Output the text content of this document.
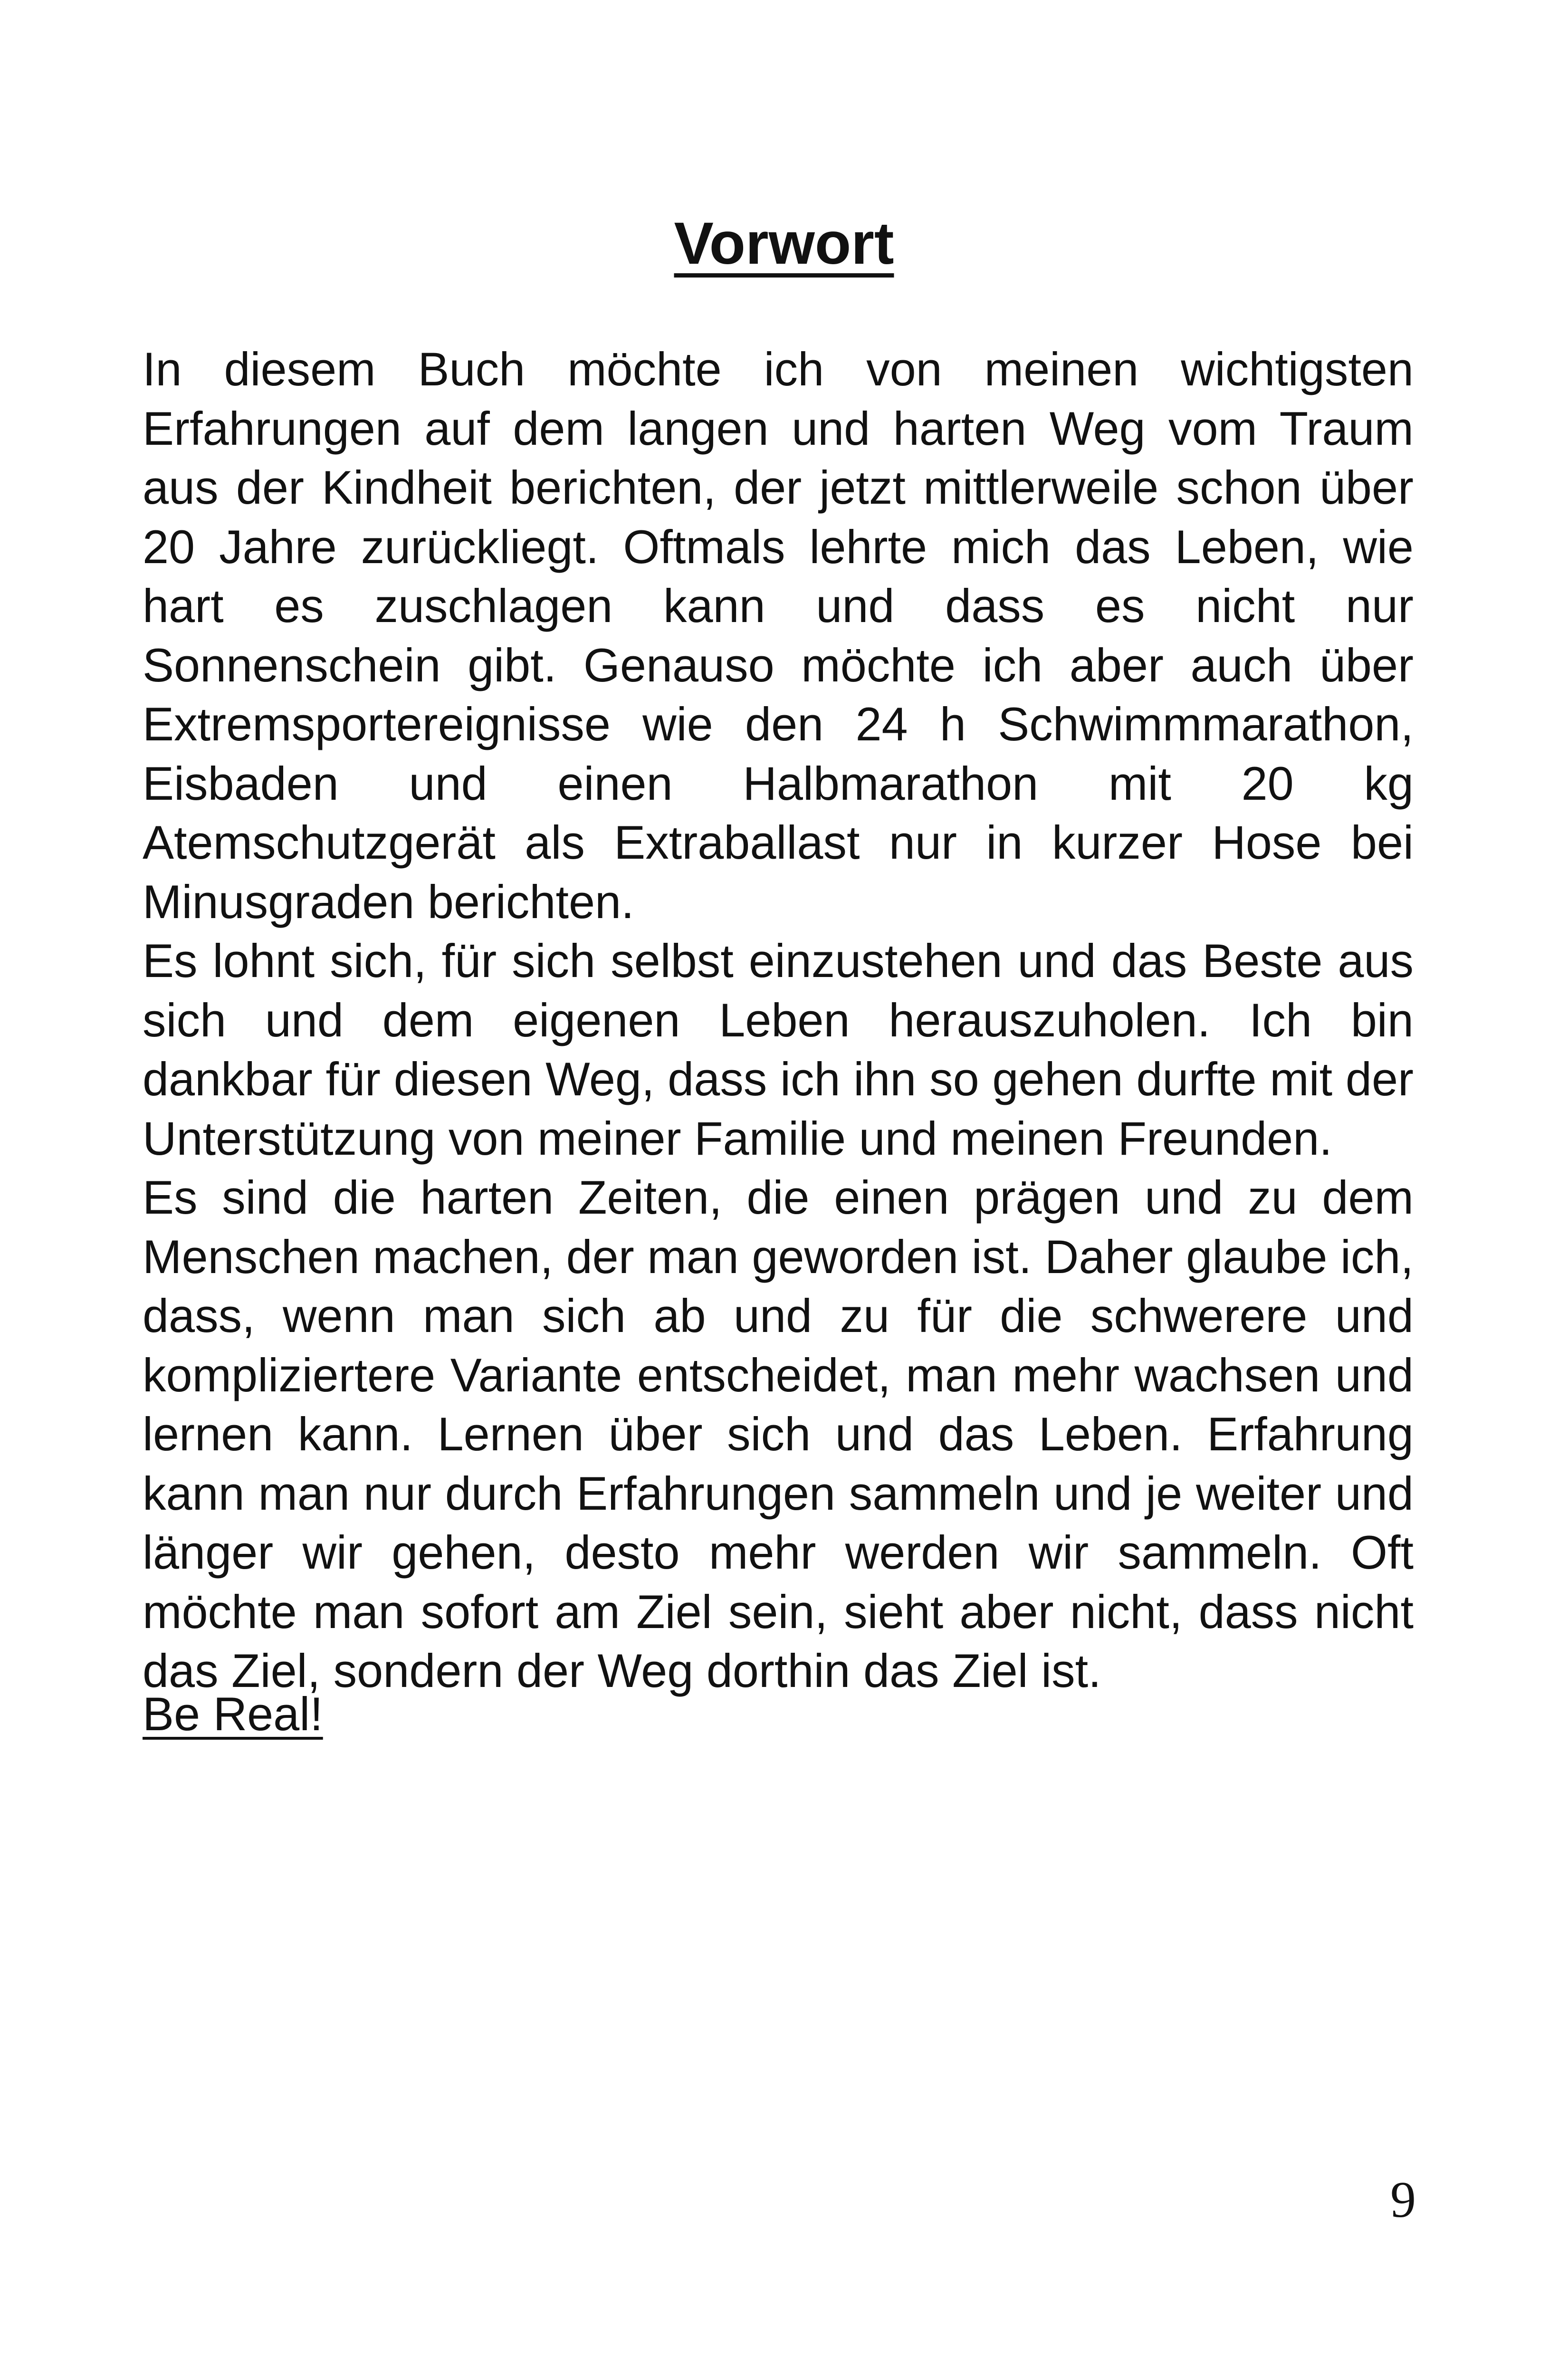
Vorwort

In diesem Buch möchte ich von meinen wichtigsten Erfahrungen auf dem langen und harten Weg vom Traum aus der Kindheit berichten, der jetzt mittlerweile schon über 20 Jahre zurückliegt. Oftmals lehrte mich das Leben, wie hart es zuschlagen kann und dass es nicht nur Sonnenschein gibt. Genauso möchte ich aber auch über Extremsportereignisse wie den 24 h Schwimmmarathon, Eisbaden und einen Halbmarathon mit 20 kg Atemschutzgerät als Extraballast nur in kurzer Hose bei Minusgraden berichten.

Es lohnt sich, für sich selbst einzustehen und das Beste aus sich und dem eigenen Leben herauszuholen. Ich bin dankbar für diesen Weg, dass ich ihn so gehen durfte mit der Unterstützung von meiner Familie und meinen Freunden.

Es sind die harten Zeiten, die einen prägen und zu dem Menschen machen, der man geworden ist. Daher glaube ich, dass, wenn man sich ab und zu für die schwerere und kompliziertere Variante entscheidet, man mehr wachsen und lernen kann. Lernen über sich und das Leben. Erfahrung kann man nur durch Erfahrungen sammeln und je weiter und länger wir gehen, desto mehr werden wir sammeln. Oft möchte man sofort am Ziel sein, sieht aber nicht, dass nicht das Ziel, sondern der Weg dorthin das Ziel ist.

Be Real!

9
